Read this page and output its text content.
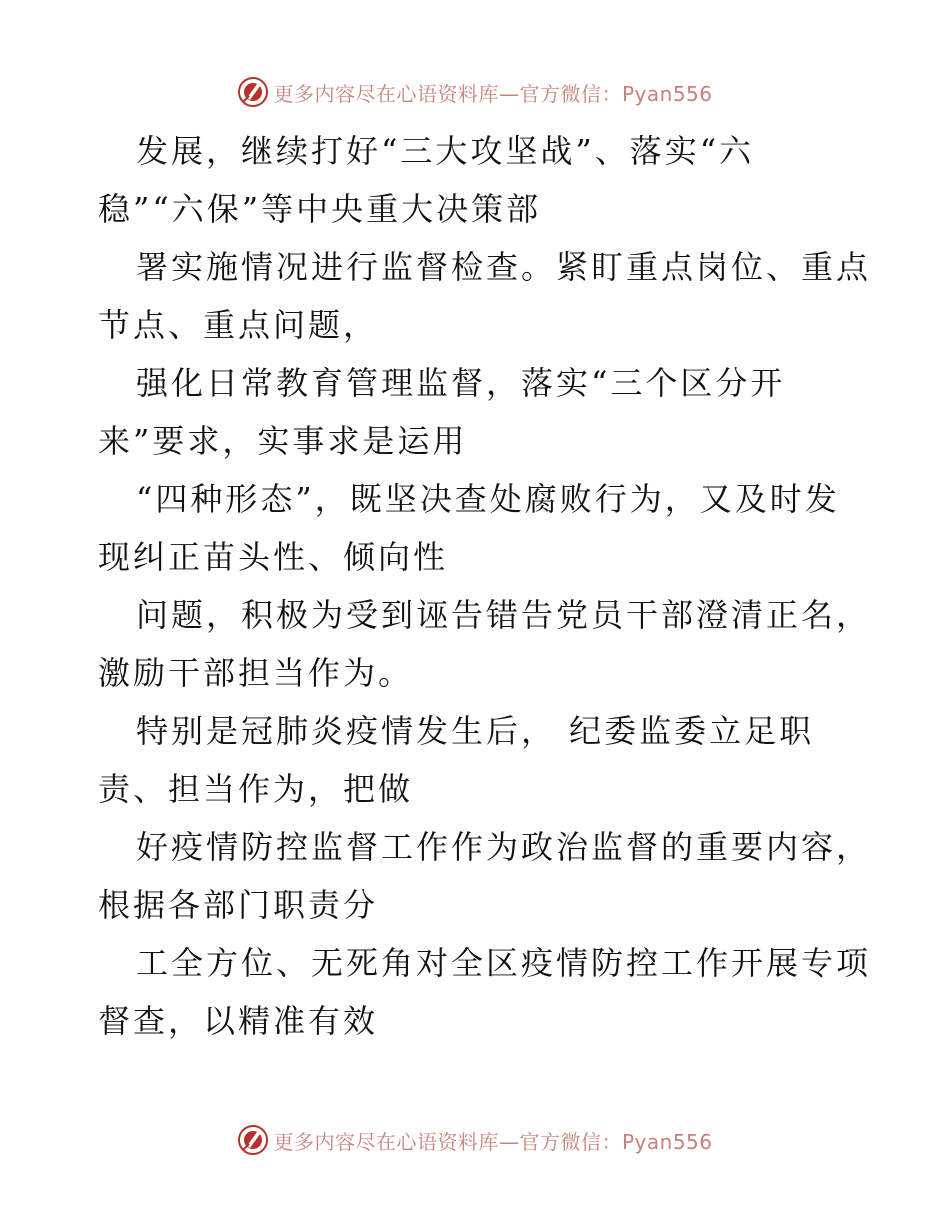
更多内容尽在心语资料库—官方微信：Pyan556
发展，继续打好“三大攻坚战”、落实“六
稳”“六保”等中央重大决策部
署实施情况进行监督检查。紧盯重点岗位、重点
节点、重点问题，
强化日常教育管理监督，落实“三个区分开
来”要求，实事求是运用
“四种形态”，既坚决查处腐败行为，又及时发
现纠正苗头性、倾向性
问题，积极为受到诬告错告党员干部澄清正名，
激励干部担当作为。
特别是冠肺炎疫情发生后， 纪委监委立足职
责、担当作为，把做
好疫情防控监督工作作为政治监督的重要内容，
根据各部门职责分
工全方位、无死角对全区疫情防控工作开展专项
督查，以精准有效
更多内容尽在心语资料库—官方微信：Pyan556
